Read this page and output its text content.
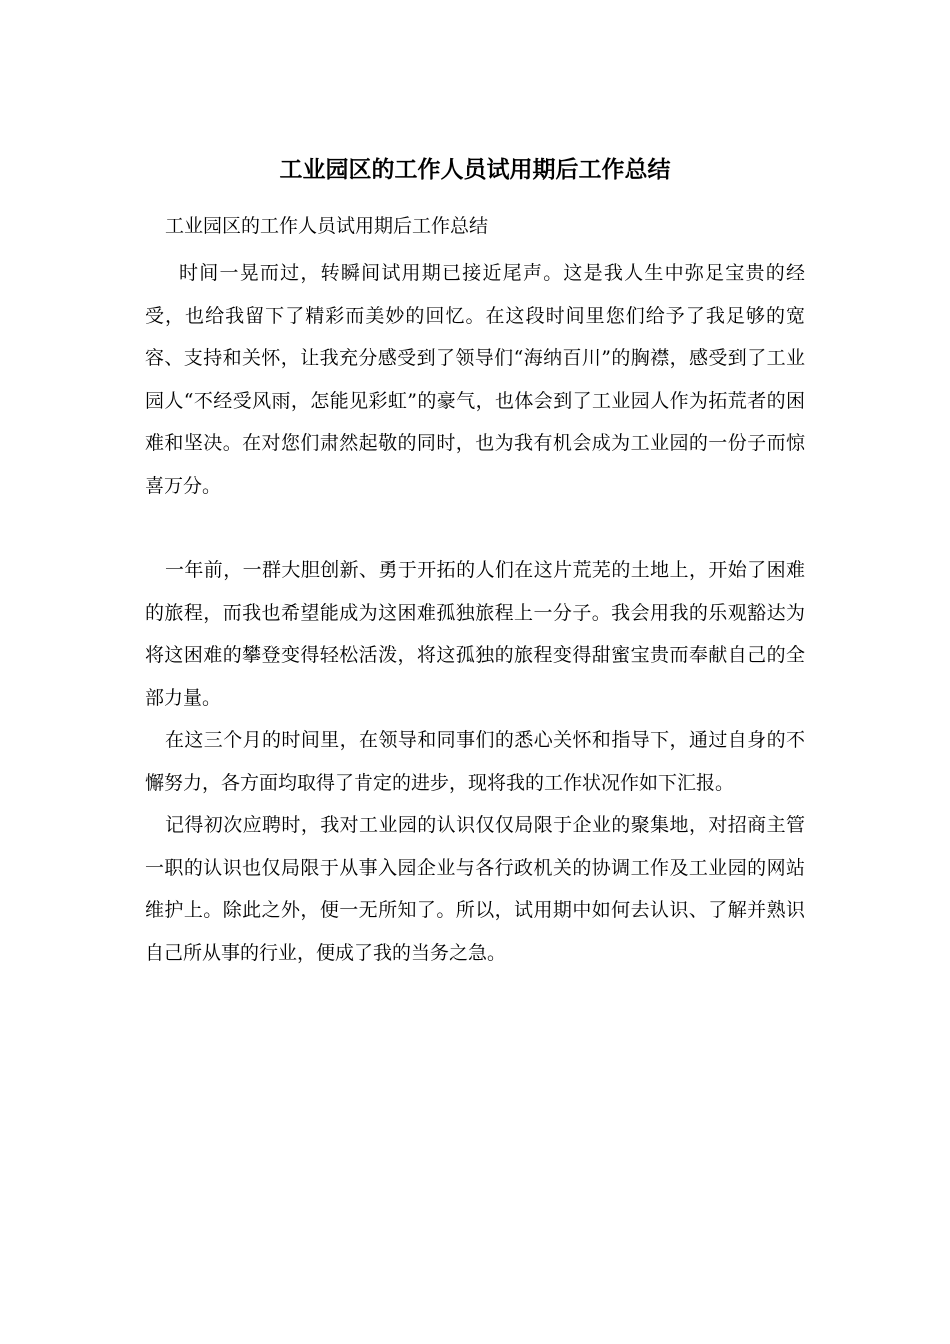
工业园区的工作人员试用期后工作总结

工业园区的工作人员试用期后工作总结

时间一晃而过，转瞬间试用期已接近尾声。这是我人生中弥足宝贵的经受，也给我留下了精彩而美妙的回忆。在这段时间里您们给予了我足够的宽容、支持和关怀，让我充分感受到了领导们“海纳百川”的胸襟，感受到了工业园人“不经受风雨，怎能见彩虹”的豪气，也体会到了工业园人作为拓荒者的困难和坚决。在对您们肃然起敬的同时，也为我有机会成为工业园的一份子而惊喜万分。

一年前，一群大胆创新、勇于开拓的人们在这片荒芜的土地上，开始了困难的旅程，而我也希望能成为这困难孤独旅程上一分子。我会用我的乐观豁达为将这困难的攀登变得轻松活泼，将这孤独的旅程变得甜蜜宝贵而奉献自己的全部力量。

在这三个月的时间里，在领导和同事们的悉心关怀和指导下，通过自身的不懈努力，各方面均取得了肯定的进步，现将我的工作状况作如下汇报。

记得初次应聘时，我对工业园的认识仅仅局限于企业的聚集地，对招商主管一职的认识也仅局限于从事入园企业与各行政机关的协调工作及工业园的网站维护上。除此之外，便一无所知了。所以，试用期中如何去认识、了解并熟识自己所从事的行业，便成了我的当务之急。
